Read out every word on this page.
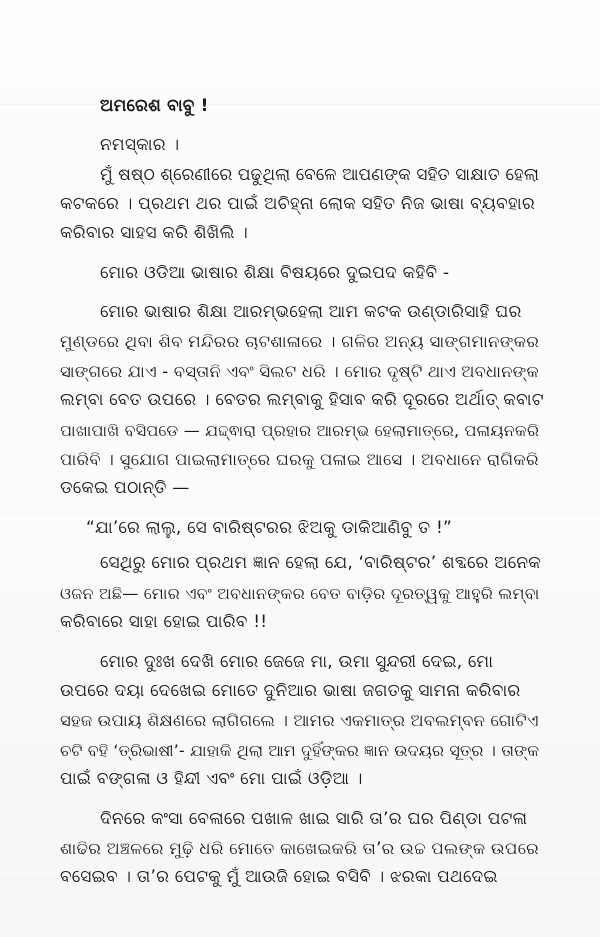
ଅମରେଶ ବାବୁ !
ନମସ୍କାର ।
ମୁଁ ଷଷ୍ଠ ଶ୍ରେଣୀରେ ପଢୁଥିଲା ବେଳେ ଆପଣଙ୍କ ସହିତ ସାକ୍ଷାତ ହେଲା
କଟକରେ । ପ୍ରଥମ ଥର ପାଇଁ ଅଚିହ୍ନା ଲୋକ ସହିତ ନିଜ ଭାଷା ବ୍ୟବହାର
କରିବାର ସାହସ କରି ଶିଖିଲି ।
ମୋର ଓଡିଆ ଭାଷାର ଶିକ୍ଷା ବିଷୟରେ ଦୁଇପଦ କହିବି -
ମୋର ଭାଷାର ଶିକ୍ଷା ଆରମ୍ଭହେଲା ଆମ କଟକ ଉଣ୍ଡାରିସାହି ଘର
ମୁଣ୍ଡରେ ଥିବା ଶିବ ମନ୍ଦିରର ଚାଟଶାଳାରେ । ଗଳିର ଅନ୍ୟ ସାଙ୍ଗମାନଙ୍କର
ସାଙ୍ଗରେ ଯାଏ - ବସ୍ତାନି ଏବଂ ସିଲଟ ଧରି । ମୋର ଦୃଷ୍ଟି ଥାଏ ଅବଧାନଙ୍କ
ଲମ୍ବା ବେତ ଉପରେ । ବେତର ଲମ୍ବାକୁ ହିସାବ କରି ଦୂରରେ ଅର୍ଥାତ୍ କବାଟ
ପାଖାପାଖି ବସିପଡେ — ଯଦ୍ଦ୍ଵାରା ପ୍ରହାର ଆରମ୍ଭ ହେଲାମାତ୍ରେ, ପଳାୟନକରି
ପାରିବି । ସୁଯୋଗ ପାଇଲାମାତ୍ରେ ଘରକୁ ପଳାଇ ଆସେ । ଅବଧାନେ ରାଗିକରି
ଡକେଇ ପଠାନ୍ତି —
“ଯା’ରେ ଲାଲୁ, ସେ ବାରିଷ୍ଟରର ଝିଅକୁ ଡାକିଆଣିବୁ ତ !”
ସେଥିରୁ ମୋର ପ୍ରଥମ ଜ୍ଞାନ ହେଲା ଯେ, ‘ବାରିଷ୍ଟର’ ଶବ୍ଦରେ ଅନେକ
ଓଜନ ଅଛି— ମୋର ଏବଂ ଅବଧାନଙ୍କର ବେତ ବାଡ଼ିର ଦୂରତ୍ୱକୁ ଆହୁରି ଲମ୍ବା
କରିବାରେ ସାହା ହୋଇ ପାରିବ !!
ମୋର ଦୁଃଖ ଦେଖି ମୋର ଜେଜେ ମା, ଉମା ସୁନ୍ଦରୀ ଦେଇ, ମୋ
ଉପରେ ଦୟା ଦେଖେଇ ମୋତେ ଦୁନିଆର ଭାଷା ଜଗତକୁ ସାମନା କରିବାର
ସହଜ ଉପାୟ ଶିକ୍ଷଣରେ ଲାଗିଗଲେ । ଆମର ଏକମାତ୍ର ଅବଲମ୍ବନ ଗୋଟିଏ
ଚଟି ବହି ‘ତ୍ରିଭାଷୀ’- ଯାହାକି ଥିଲା ଆମ ଦୁହିଁଙ୍କର ଜ୍ଞାନ ଉଦୟର ସୂତ୍ର । ତାଙ୍କ
ପାଇଁ ବଙ୍ଗଳା ଓ ହିନ୍ଦୀ ଏବଂ ମୋ ପାଇଁ ଓଡ଼ିଆ ।
ଦିନରେ କଂସା ବେଳାରେ ପଖାଳ ଖାଇ ସାରି ତା’ର ଘର ପିଣ୍ଡା ପଟଳା
ଶାଢିର ଅଞ୍ଚଳରେ ମୁଢ଼ି ଧରି ମୋତେ କାଖେଇକରି ତା’ର ଉଚ୍ଚ ପଲଙ୍କ ଉପରେ
ବସେଇବ । ତା’ର ପେଟକୁ ମୁଁ ଆଉଜି ହୋଇ ବସିବି । ଝରକା ପଥଦେଇ
